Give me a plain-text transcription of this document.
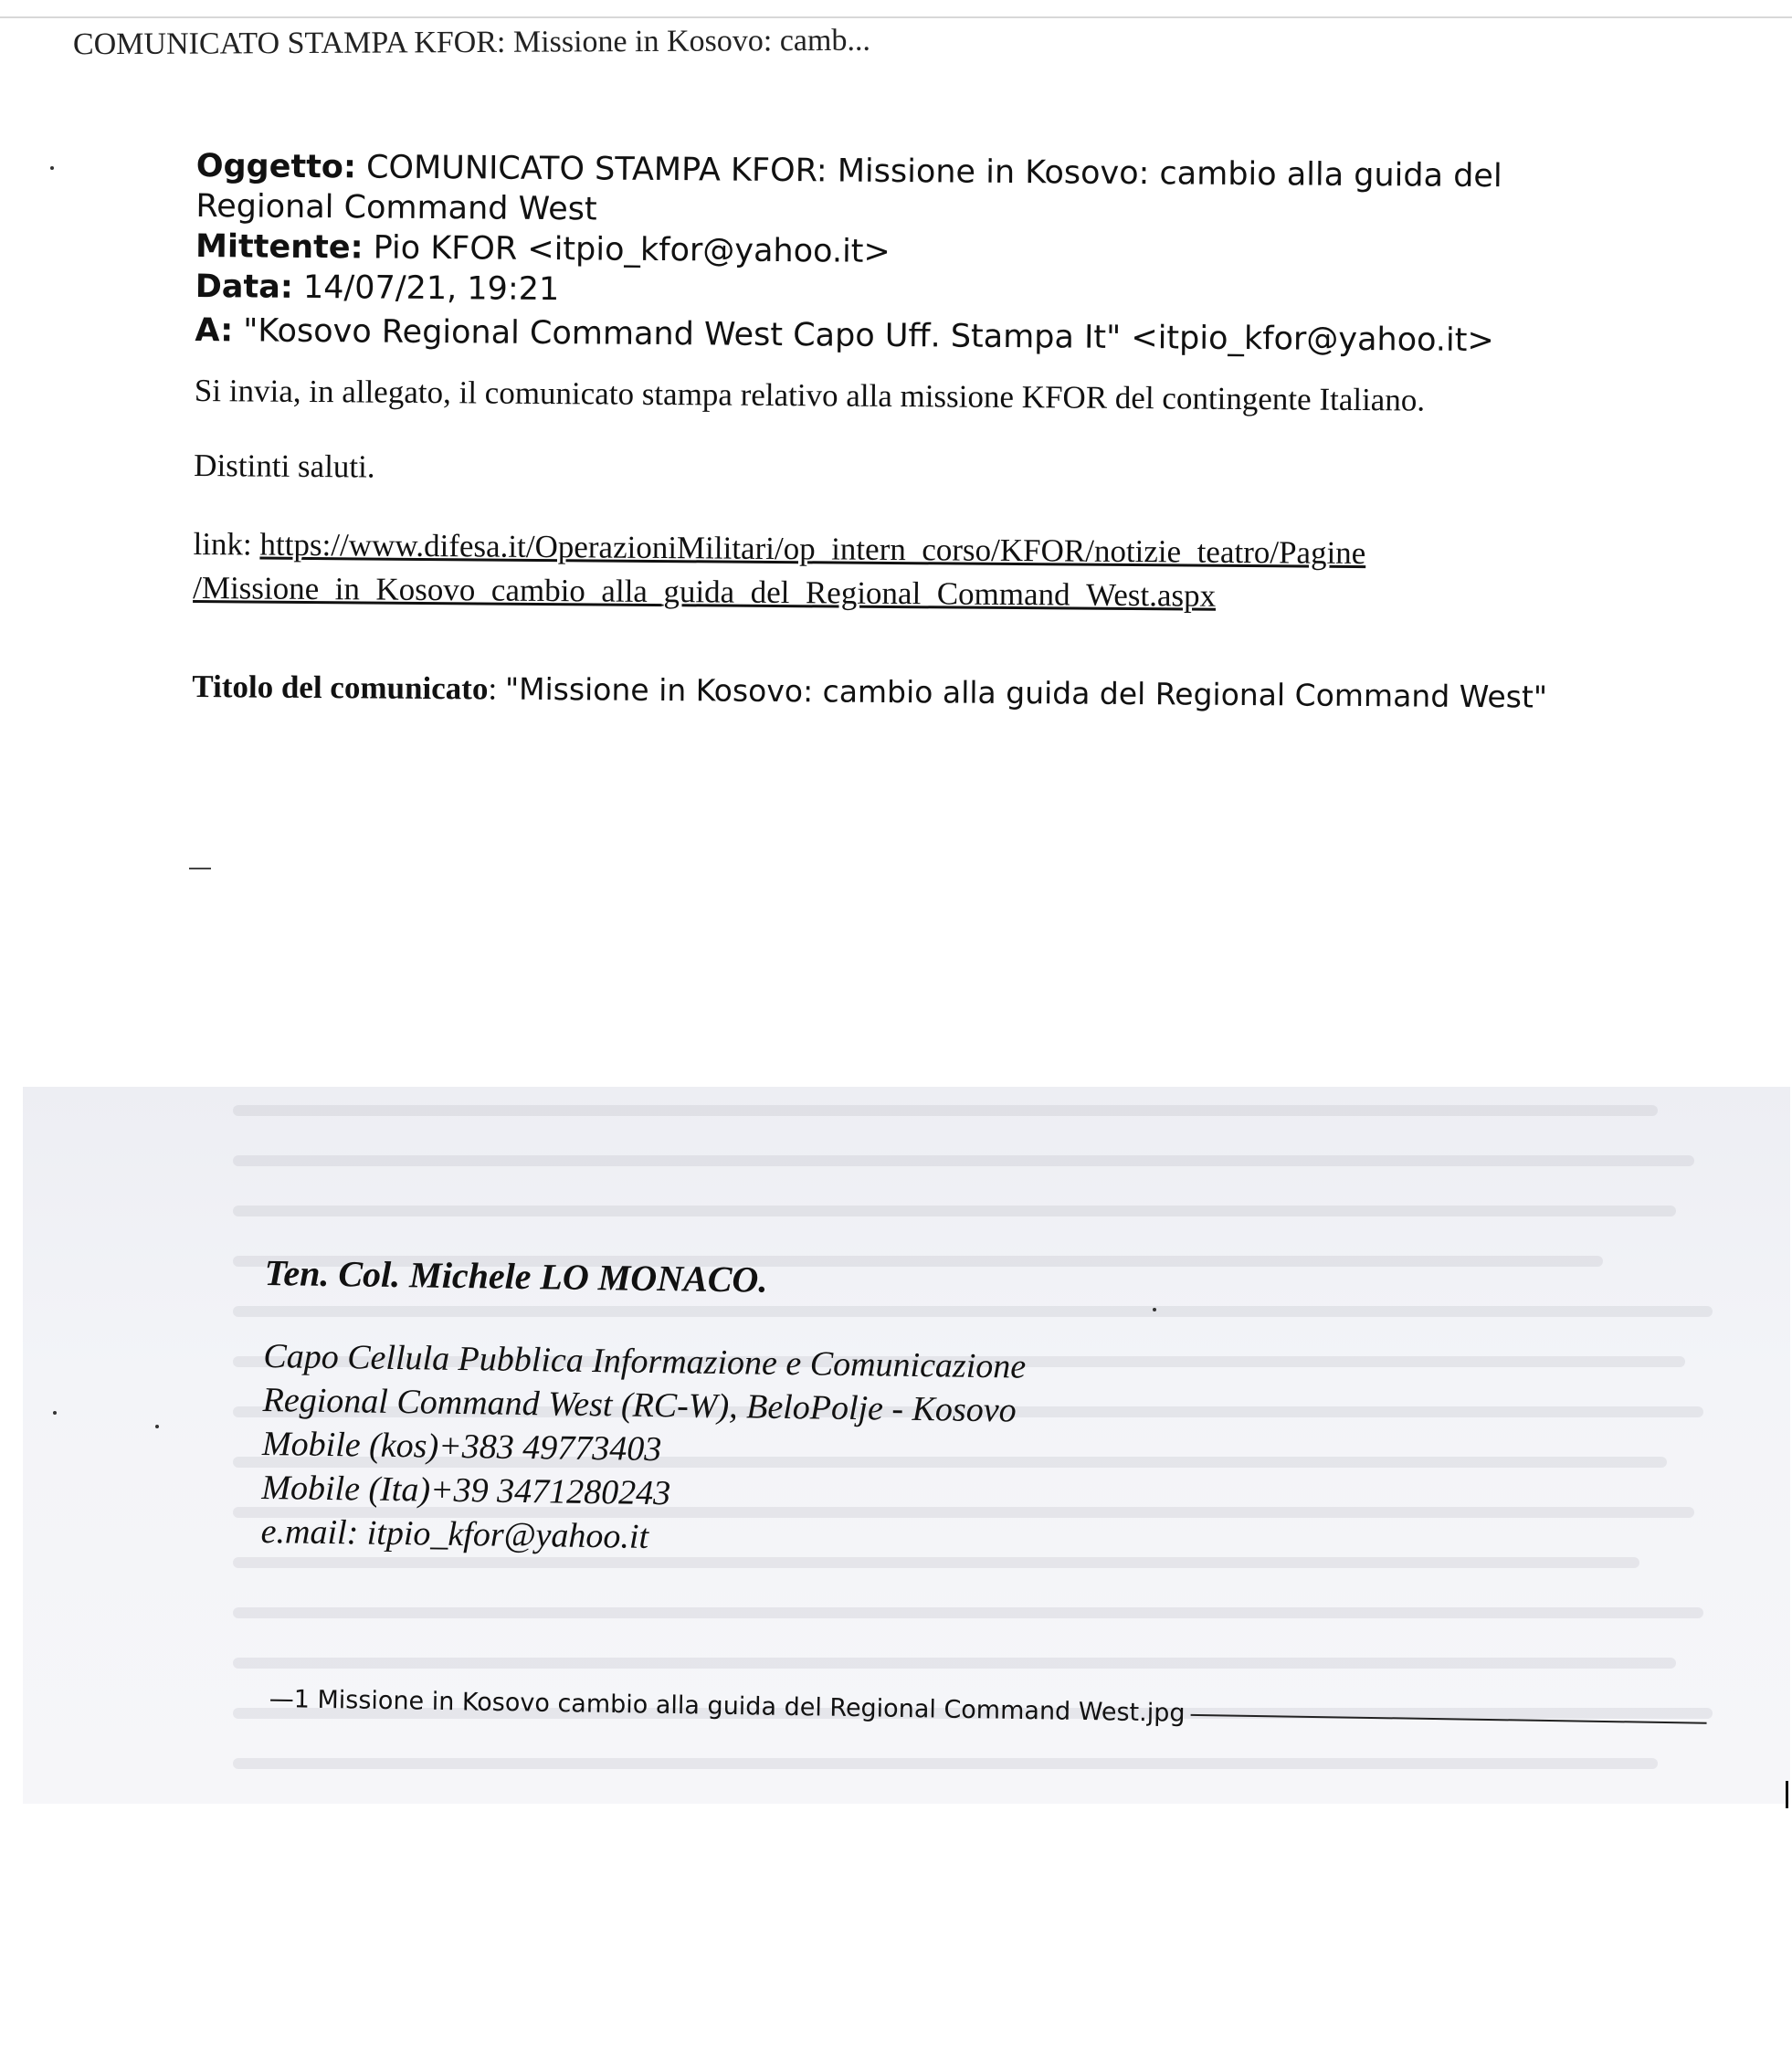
COMUNICATO STAMPA KFOR: Missione in Kosovo: camb...
Oggetto: COMUNICATO STAMPA KFOR: Missione in Kosovo: cambio alla guida del Regional Command West
Mittente: Pio KFOR <itpio_kfor@yahoo.it>
Data: 14/07/21, 19:21
A: "Kosovo Regional Command West Capo Uff. Stampa It" <itpio_kfor@yahoo.it>
Si invia, in allegato, il comunicato stampa relativo alla missione KFOR del contingente Italiano.
Distinti saluti.
link: https://www.difesa.it/OperazioniMilitari/op_intern_corso/KFOR/notizie_teatro/Pagine
/Missione_in_Kosovo_cambio_alla_guida_del_Regional_Command_West.aspx
Titolo del comunicato: "Missione in Kosovo: cambio alla guida del Regional Command West"
Ten. Col. Michele LO MONACO.
Capo Cellula Pubblica Informazione e Comunicazione
Regional Command West (RC-W), BeloPolje - Kosovo
Mobile (kos)+383 49773403
Mobile (Ita)+39 3471280243
e.mail: itpio_kfor@yahoo.it
—1 Missione in Kosovo cambio alla guida del Regional Command West.jpg
